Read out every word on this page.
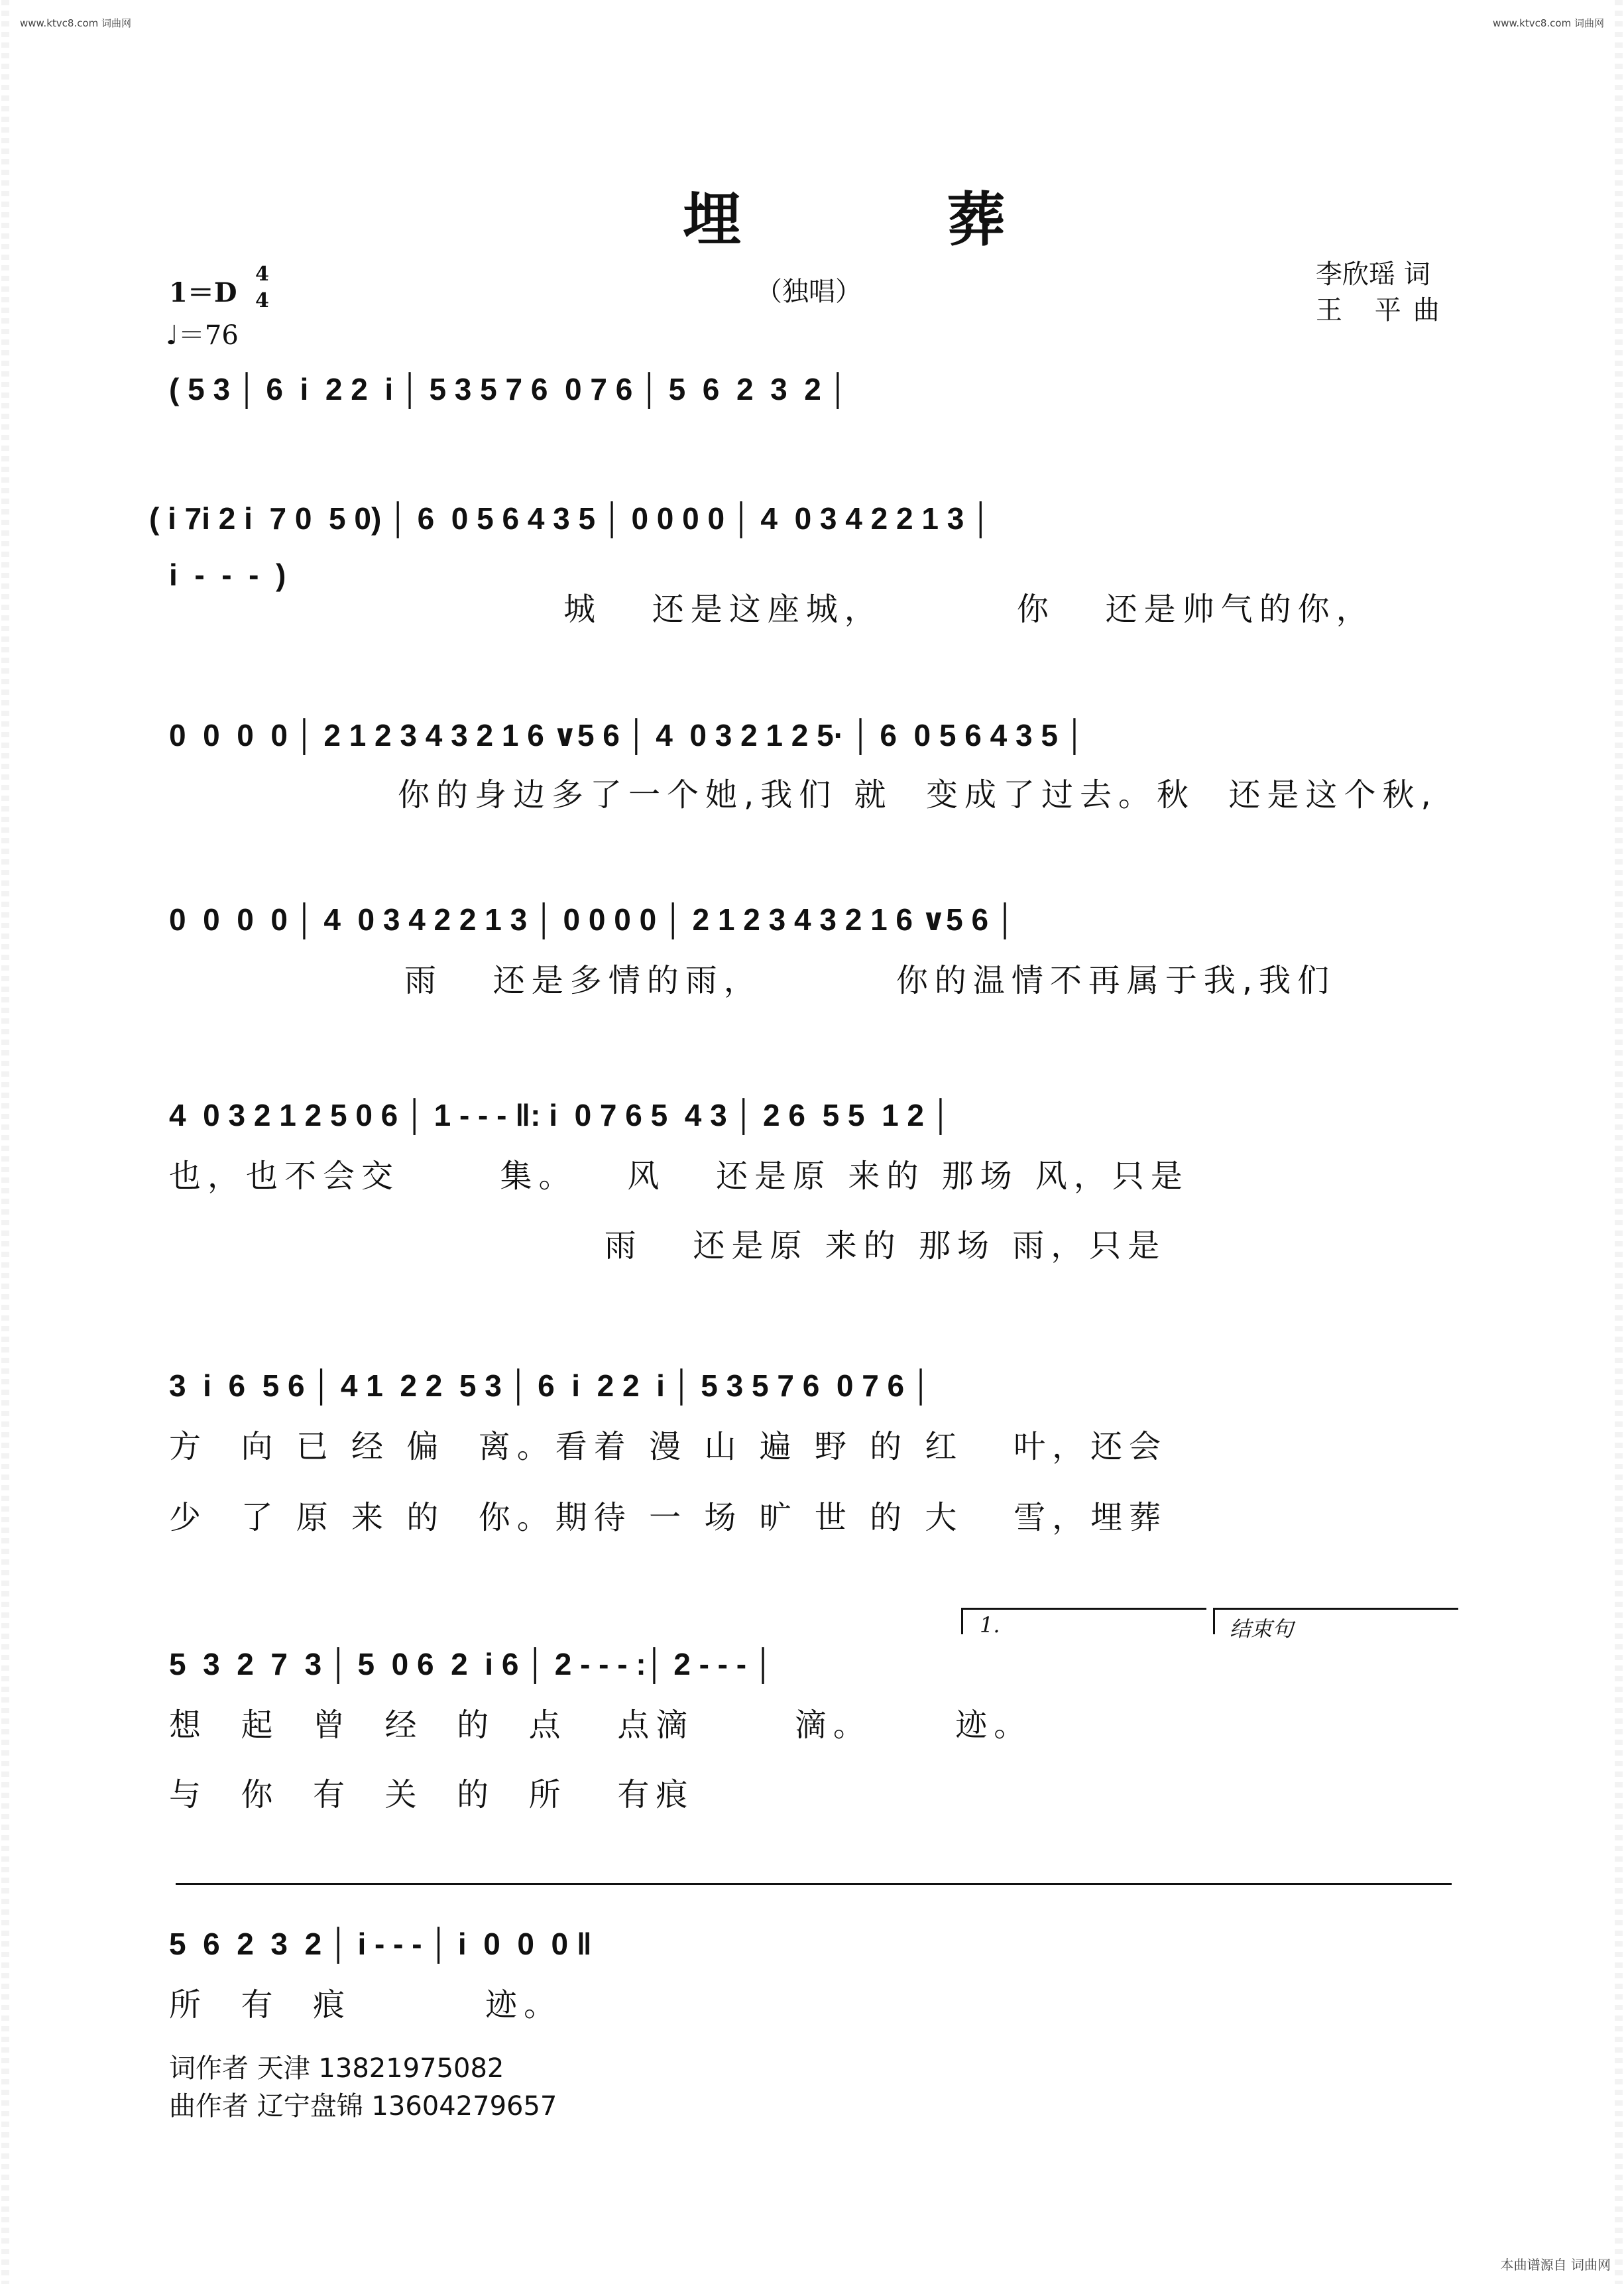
www.ktvc8.com 词曲网	www.ktvc8.com 词曲网
埋 葬
（独唱）
1＝D
4
4
♩＝76
李欣瑶 词
王 平曲
( 5 3 │ 6  i  2 2  i │ 5 3 5 7 6  0 7 6 │ 5  6  2  3  2 │
( i 7i 2 i  7 0  5 0) │ 6  0 5 6 4 3 5 │ 0 0 0 0 │ 4  0 3 4 2 2 1 3 │
i  -  -  -  )
城   还是这座城，        你   还是帅气的你，
0  0  0  0 │ 2 1 2 3 4 3 2 1 6 ∨5 6 │ 4  0 3 2 1 2 5· │ 6  0 5 6 4 3 5 │
你的身边多了一个她,我们 就  变成了过去。秋  还是这个秋,
0  0  0  0 │ 4  0 3 4 2 2 1 3 │ 0 0 0 0 │ 2 1 2 3 4 3 2 1 6 ∨5 6 │
雨   还是多情的雨，        你的温情不再属于我,我们
4  0 3 2 1 2 5 0 6 │ 1 - - - ‖: i  0 7 6 5  4 3 │ 2 6  5 5  1 2 │
也，也不会交      集。   风   还是原 来的 那场 风，只是
雨   还是原 来的 那场 雨，只是
3  i  6  5 6 │ 4 1  2 2  5 3 │ 6  i  2 2  i │ 5 3 5 7 6  0 7 6 │
方  向 已 经 偏  离。看着 漫 山 遍 野 的 红   叶，还会
少  了 原 来 的  你。期待 一 场 旷 世 的 大   雪，埋葬
1.	结束句
5  3  2  7  3 │ 5  0 6  2  i 6 │ 2 - - - :│ 2 - - - │
想  起  曾  经  的  点   点滴      滴。     迹。
与  你  有  关  的  所   有痕
5  6  2  3  2 │ i - - - │ i  0  0  0 ‖
所  有  痕        迹。
词作者 天津 13821975082
曲作者 辽宁盘锦 13604279657
本曲谱源自 词曲网
